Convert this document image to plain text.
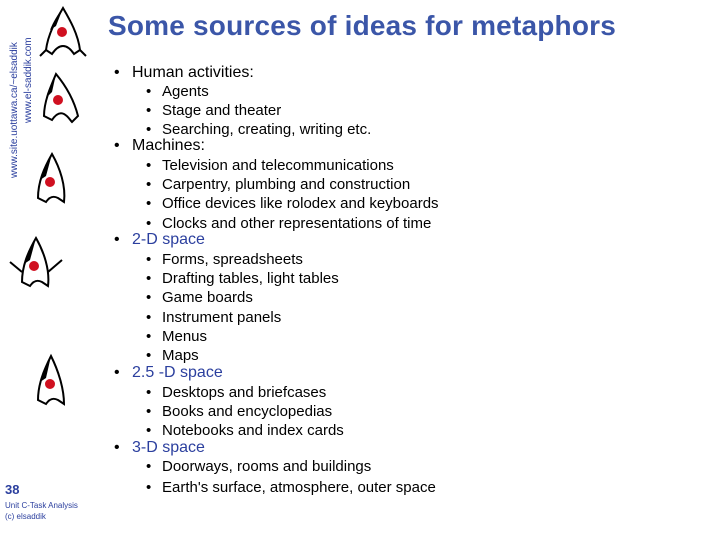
www.site.uottawa.ca/~elsaddik www.el-saddik.com
Some sources of ideas for metaphors
• Human activities:
• Agents
• Stage and theater
• Searching, creating, writing etc.
• Machines:
• Television and telecommunications
• Carpentry, plumbing and construction
• Office devices like rolodex and keyboards
• Clocks and other representations of time
• 2-D space
• Forms, spreadsheets
• Drafting tables, light tables
• Game boards
• Instrument panels
• Menus
• Maps
• 2.5 -D space
• Desktops and briefcases
• Books and encyclopedias
• Notebooks and index cards
• 3-D space
• Doorways, rooms and buildings
• Earth's surface, atmosphere, outer space
38
Unit C-Task Analysis
(c) elsaddik
